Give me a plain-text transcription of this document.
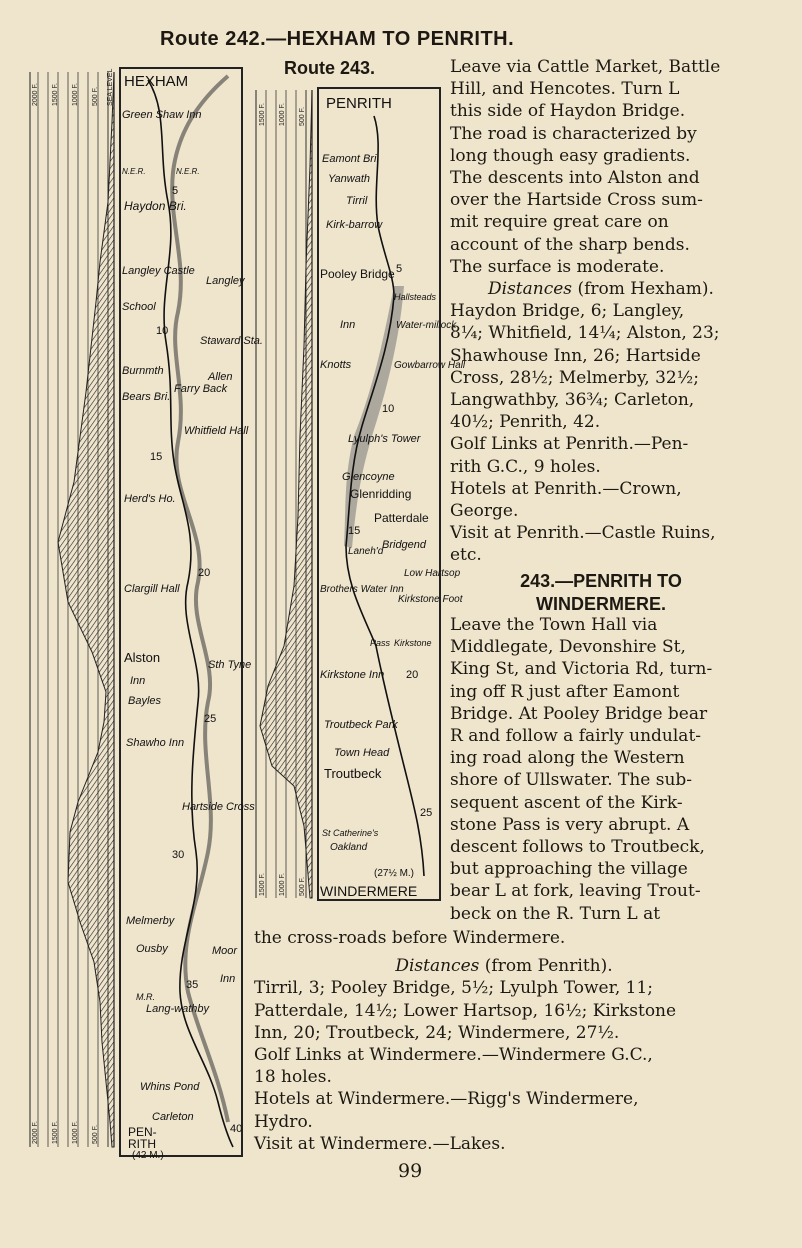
Route 242.—HEXHAM TO PENRITH.
Route 243.
2000 F. 1500 F. 1000 F. 500 F. SEA LEVEL
2000 F. 1500 F. 1000 F. 500 F.
HEXHAM
Green Shaw Inn
Haydon Bri.
Langley Castle
Langley
School
Staward Sta.
Burnmth
Bears Bri.
Farry Back
Allen
Whitfield Hall
Herd's Ho.
Clargill Hall
Alston
Inn
Bayles
Sth Tyne
Shawho Inn
Hartside Cross
Melmerby
Ousby	Moor
Inn
Lang-wathby
M.R.
Whins Pond
Carleton
PEN-
RITH
(42 M.)
N.E.R.	N.E.R.
5
10
15
20
25
30
35
40
1500 F. 1000 F. 500 F.
1500 F. 1000 F. 500 F.
PENRITH
Eamont Bri.
Yanwath
Tirril
Kirk-barrow
Pooley Bridge
Inn
Knotts
Hallsteads
Water-millock
Gowbarrow Hall
Lyulph's Tower
Glencoyne
Glenridding
Patterdale
Bridgend
Low Hartsop
Kirkstone Foot
Laneh'd
Brothers Water Inn
Pass Kirkstone
Kirkstone Inn
Troutbeck Park
Town Head
Troutbeck
St Catherine's
Oakland
(27½ M.)
WINDERMERE
5
10
15
20
25
Leave via Cattle Market, Battle
Hill, and Hencotes. Turn L
this side of Haydon Bridge.
The road is characterized by
long though easy gradients.
The descents into Alston and
over the Hartside Cross sum-
mit require great care on
account of the sharp bends.
The surface is moderate.
Distances (from Hexham).
Haydon Bridge, 6; Langley,
8¼; Whitfield, 14¼; Alston, 23;
Shawhouse Inn, 26; Hartside
Cross, 28½; Melmerby, 32½;
Langwathby, 36¾; Carleton,
40½; Penrith, 42.
Golf Links at Penrith.—Pen-
rith G.C., 9 holes.
Hotels at Penrith.—Crown,
George.
Visit at Penrith.—Castle Ruins,
etc.
243.—PENRITH TO
WINDERMERE.
Leave the Town Hall via
Middlegate, Devonshire St,
King St, and Victoria Rd, turn-
ing off R just after Eamont
Bridge. At Pooley Bridge bear
R and follow a fairly undulat-
ing road along the Western
shore of Ullswater. The sub-
sequent ascent of the Kirk-
stone Pass is very abrupt. A
descent follows to Troutbeck,
but approaching the village
bear L at fork, leaving Trout-
beck on the R. Turn L at
the cross-roads before Windermere.
Distances (from Penrith).
Tirril, 3; Pooley Bridge, 5½; Lyulph Tower, 11;
Patterdale, 14½; Lower Hartsop, 16½; Kirkstone
Inn, 20; Troutbeck, 24; Windermere, 27½.
Golf Links at Windermere.—Windermere G.C.,
18 holes.
Hotels at Windermere.—Rigg's Windermere,
Hydro.
Visit at Windermere.—Lakes.
99
